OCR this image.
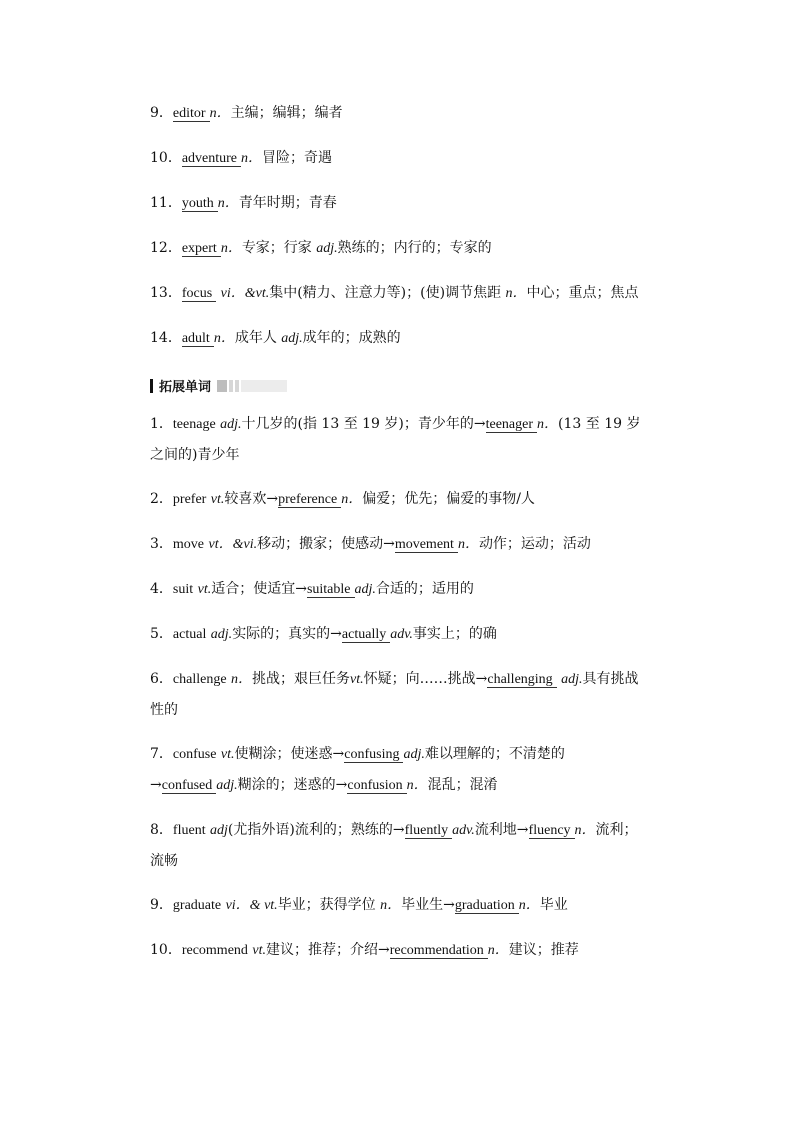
9．editor n．主编；编辑；编者

10．adventure n．冒险；奇遇

11．youth n．青年时期；青春

12．expert n．专家；行家 adj.熟练的；内行的；专家的

13．focus vi．&vt.集中(精力、注意力等)；(使)调节焦距 n．中心；重点；焦点

14．adult n．成年人 adj.成年的；成熟的

拓展单词

1．teenage adj.十几岁的(指 13 至 19 岁)；青少年的→teenager n．(13 至 19 岁之间的)青少年

2．prefer vt.较喜欢→preference n．偏爱；优先；偏爱的事物/人

3．move vt．&vi.移动；搬家；使感动→movement n．动作；运动；活动

4．suit vt.适合；使适宜→suitable adj.合适的；适用的

5．actual adj.实际的；真实的→actually adv.事实上；的确

6．challenge n．挑战；艰巨任务vt.怀疑；向……挑战→challenging adj.具有挑战性的

7．confuse vt.使糊涂；使迷惑→confusing adj.难以理解的；不清楚的→confused adj.糊涂的；迷惑的→confusion n．混乱；混淆

8．fluent adj(尤指外语)流利的；熟练的→fluently adv.流利地→fluency n．流利；流畅

9．graduate vi．& vt.毕业；获得学位 n．毕业生→graduation n．毕业

10．recommend vt.建议；推荐；介绍→recommendation n．建议；推荐
